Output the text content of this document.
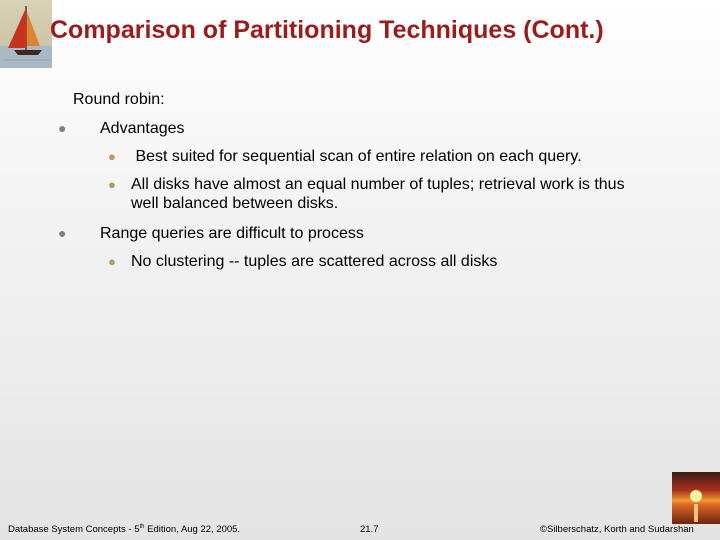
Comparison of Partitioning Techniques (Cont.)
Round robin:
● Advantages
● Best suited for sequential scan of entire relation on each query.
● All disks have almost an equal number of tuples; retrieval work is thus well balanced between disks.
● Range queries are difficult to process
● No clustering -- tuples are scattered across all disks
Database System Concepts - 5th Edition, Aug 22, 2005.	21.7	©Silberschatz, Korth and Sudarshan
